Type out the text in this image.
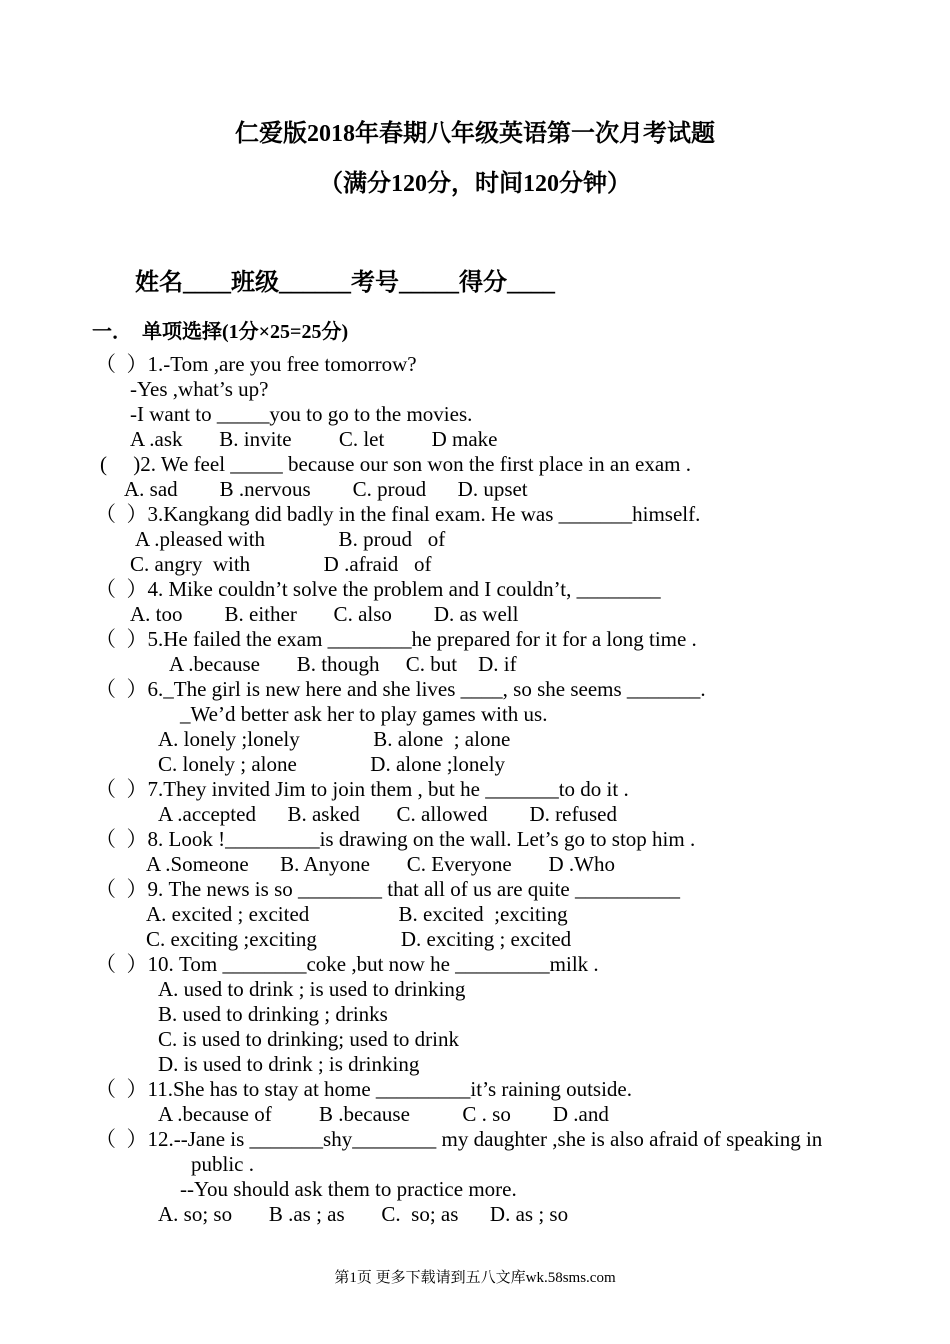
仁爱版2018年春期八年级英语第一次月考试题
（满分120分，时间120分钟）
姓名____班级______考号_____得分____
一．  单项选择(1分×25=25分)
（  ）1.-Tom ,are you free tomorrow?
-Yes ,what’s up?
-I want to _____you to go to the movies.
A .ask       B. invite         C. let         D make
(     )2. We feel _____ because our son won the first place in an exam .
A. sad        B .nervous        C. proud      D. upset
（  ）3.Kangkang did badly in the final exam. He was _______himself.
A .pleased with              B. proud   of
C. angry  with              D .afraid   of
（  ）4. Mike couldn’t solve the problem and I couldn’t, ________
A. too        B. either       C. also        D. as well
（  ）5.He failed the exam ________he prepared for it for a long time .
A .because       B. though     C. but    D. if
（  ）6._The girl is new here and she lives ____, so she seems _______.
_We’d better ask her to play games with us.
A. lonely ;lonely              B. alone  ; alone
C. lonely ; alone              D. alone ;lonely
（  ）7.They invited Jim to join them , but he _______to do it .
A .accepted      B. asked       C. allowed        D. refused
（  ）8. Look !_________is drawing on the wall. Let’s go to stop him .
A .Someone      B. Anyone       C. Everyone       D .Who
（  ）9. The news is so ________ that all of us are quite __________
A. excited ; excited                 B. excited  ;exciting
C. exciting ;exciting                D. exciting ; excited
（  ）10. Tom ________coke ,but now he _________milk .
A. used to drink ; is used to drinking
B. used to drinking ; drinks
C. is used to drinking; used to drink
D. is used to drink ; is drinking
（  ）11.She has to stay at home _________it’s raining outside.
A .because of         B .because          C . so        D .and
（  ）12.--Jane is _______shy________ my daughter ,she is also afraid of speaking in
public .
--You should ask them to practice more.
A. so; so       B .as ; as       C.  so; as      D. as ; so
第1页 更多下载请到五八文库wk.58sms.com
